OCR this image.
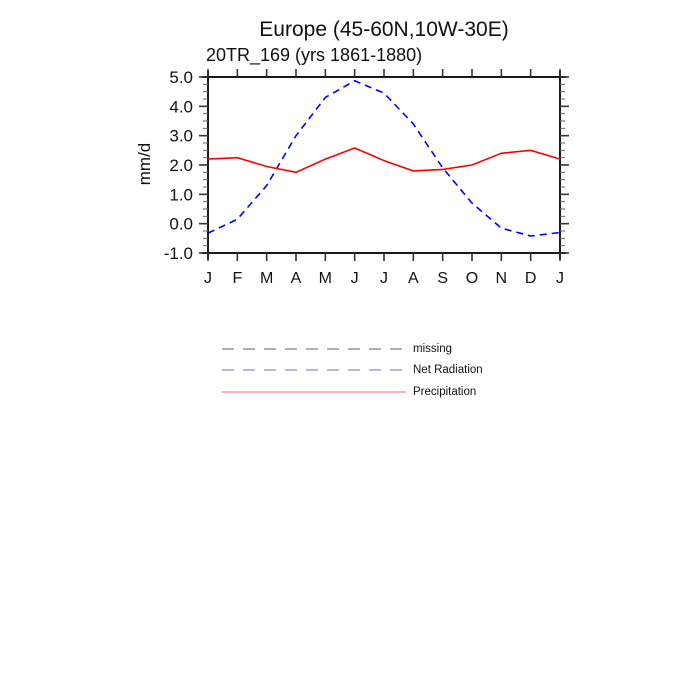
Europe (45-60N,10W-30E)
20TR_169 (yrs 1861-1880)
mm/d
-1.0
0.0
1.0
2.0
3.0
4.0
5.0
J F M A M J J A S O N D J
missing
Net Radiation
Precipitation
